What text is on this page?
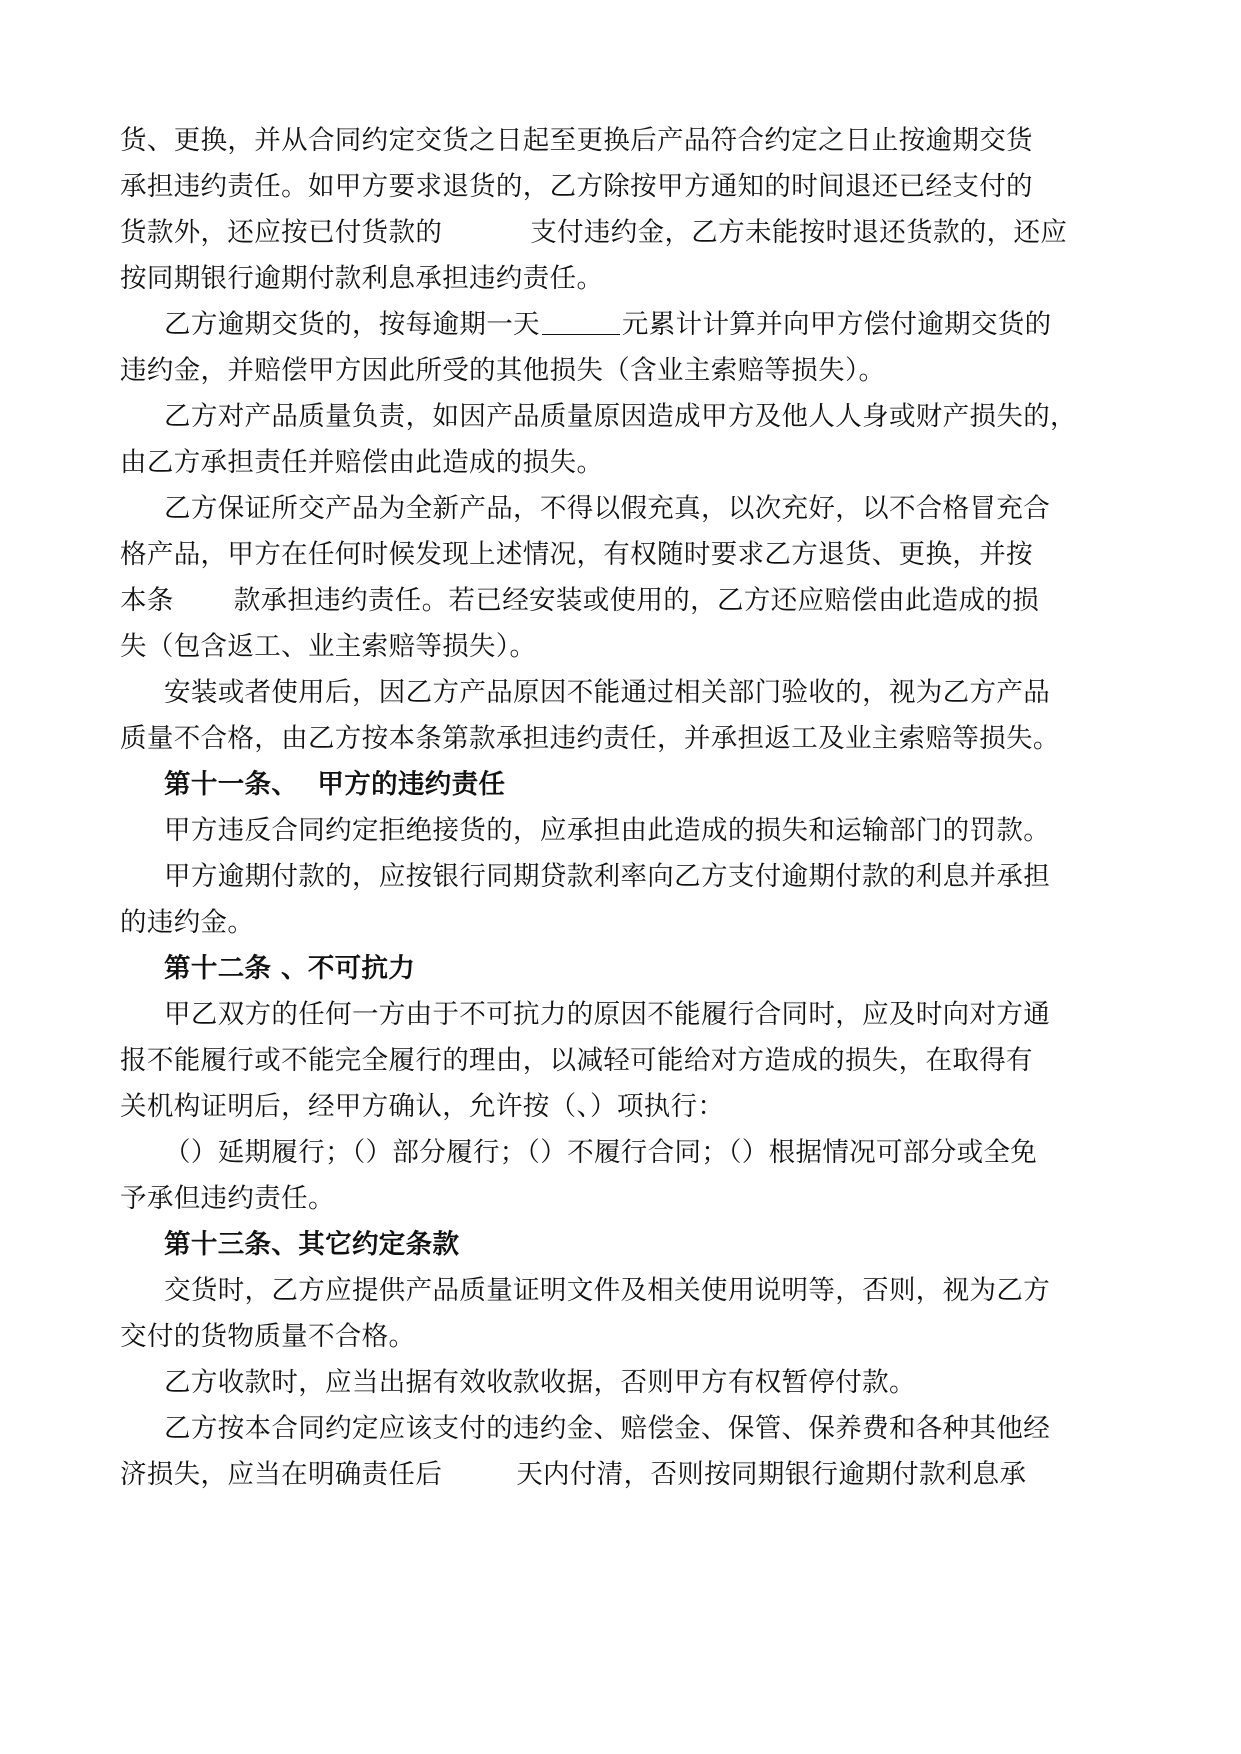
货、更换，并从合同约定交货之日起至更换后产品符合约定之日止按逾期交货
承担违约责任。如甲方要求退货的，乙方除按甲方通知的时间退还已经支付的
货款外，还应按已付货款的	支付违约金，乙方未能按时退还货款的，还应
按同期银行逾期付款利息承担违约责任。
乙方逾期交货的，按每逾期一天	元累计计算并向甲方偿付逾期交货的
违约金，并赔偿甲方因此所受的其他损失（含业主索赔等损失）。
乙方对产品质量负责，如因产品质量原因造成甲方及他人人身或财产损失的，
由乙方承担责任并赔偿由此造成的损失。
乙方保证所交产品为全新产品，不得以假充真，以次充好，以不合格冒充合
格产品，甲方在任何时候发现上述情况，有权随时要求乙方退货、更换，并按
本条 款承担违约责任。若已经安装或使用的，乙方还应赔偿由此造成的损
失（包含返工、业主索赔等损失）。
安装或者使用后，因乙方产品原因不能通过相关部门验收的，视为乙方产品
质量不合格，由乙方按本条第款承担违约责任，并承担返工及业主索赔等损失。
第十一条、  甲方的违约责任
甲方违反合同约定拒绝接货的，应承担由此造成的损失和运输部门的罚款。
甲方逾期付款的，应按银行同期贷款利率向乙方支付逾期付款的利息并承担
的违约金。
第十二条 、不可抗力
甲乙双方的任何一方由于不可抗力的原因不能履行合同时，应及时向对方通
报不能履行或不能完全履行的理由，以减轻可能给对方造成的损失，在取得有
关机构证明后，经甲方确认，允许按（、）项执行：
（）延期履行；（）部分履行；（）不履行合同；（）根据情况可部分或全免
予承但违约责任。
第十三条、其它约定条款
交货时，乙方应提供产品质量证明文件及相关使用说明等，否则，视为乙方
交付的货物质量不合格。
乙方收款时，应当出据有效收款收据，否则甲方有权暂停付款。
乙方按本合同约定应该支付的违约金、赔偿金、保管、保养费和各种其他经
济损失，应当在明确责任后	天内付清，否则按同期银行逾期付款利息承
